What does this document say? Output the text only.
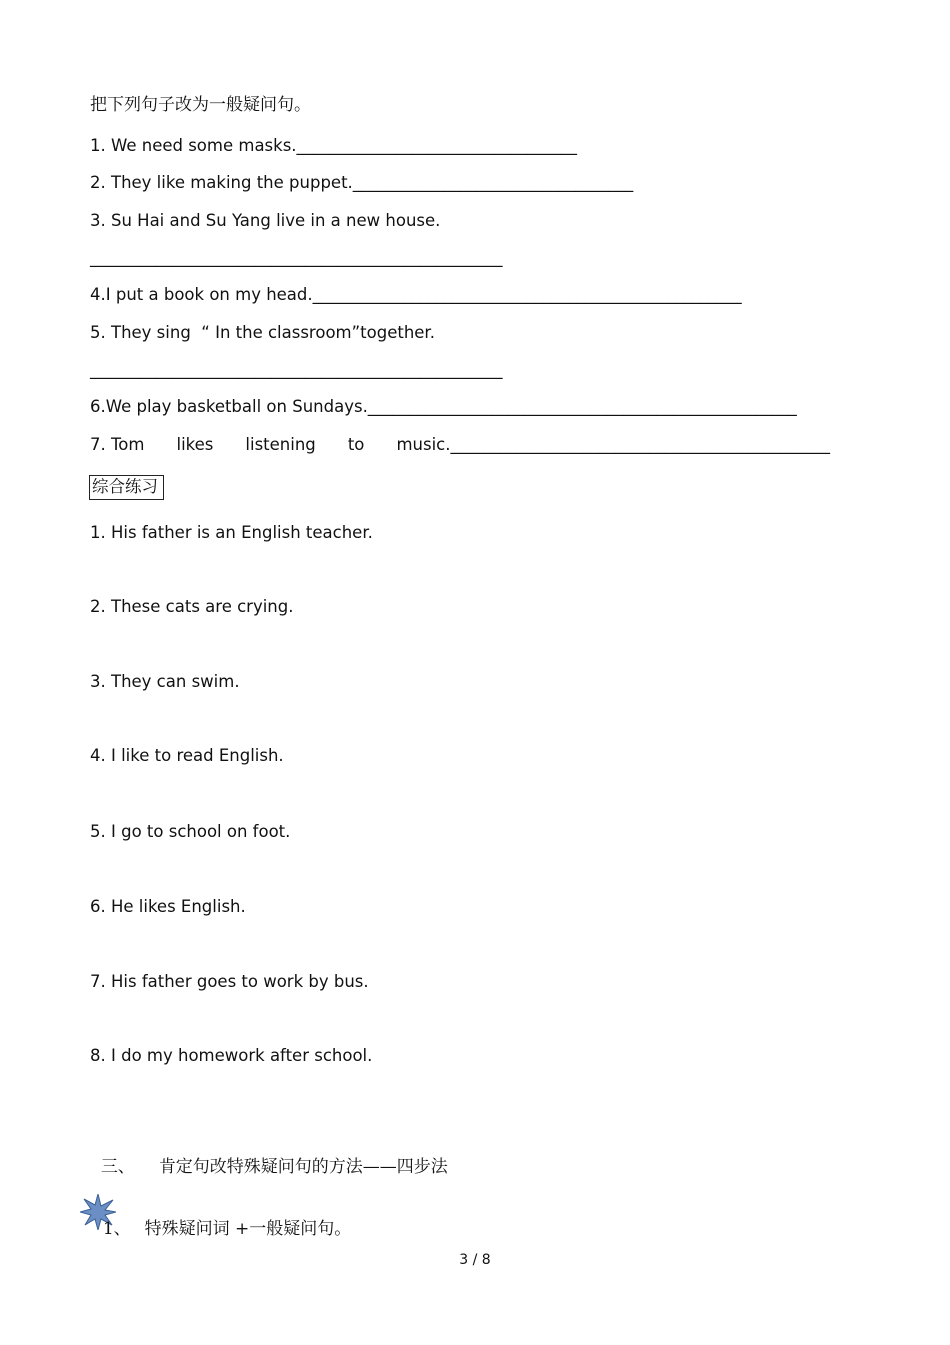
把下列句子改为一般疑问句。
1. We need some masks.__________________________________
2. They like making the puppet.__________________________________
3. Su Hai and Su Yang live in a new house.
__________________________________________________
4.I put a book on my head.____________________________________________________
5. They sing  “ In the classroom”together.
__________________________________________________
6.We play basketball on Sundays.____________________________________________________
7. Tom likes listening to music.______________________________________________
综合练习
1. His father is an English teacher.
2. These cats are crying.
3. They can swim.
4. I like to read English.
5. I go to school on foot.
6. He likes English.
7. His father goes to work by bus.
8. I do my homework after school.

三、 肯定句改特殊疑问句的方法——四步法

1、 特殊疑问词 +一般疑问句。

3 / 8
